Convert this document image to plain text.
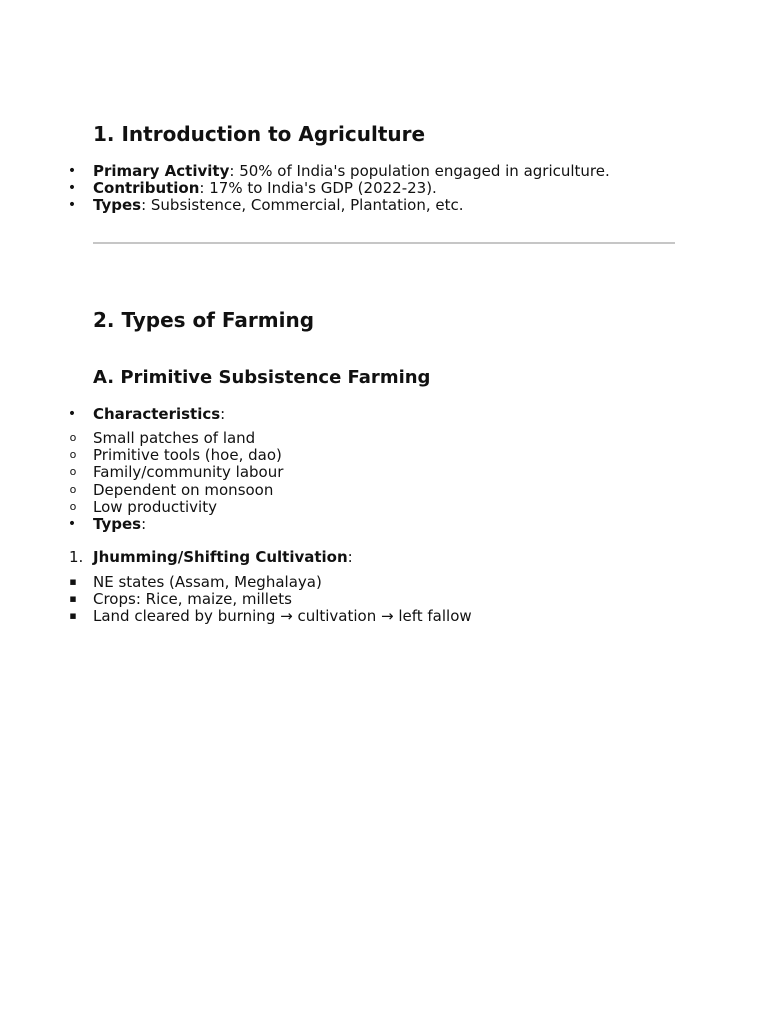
1. Introduction to Agriculture
• Primary Activity: 50% of India's population engaged in agriculture.
• Contribution: 17% to India's GDP (2022-23).
• Types: Subsistence, Commercial, Plantation, etc.
2. Types of Farming
A. Primitive Subsistence Farming
• Characteristics:
o Small patches of land
o Primitive tools (hoe, dao)
o Family/community labour
o Dependent on monsoon
o Low productivity
• Types:
1. Jhumming/Shifting Cultivation:
▪ NE states (Assam, Meghalaya)
▪ Crops: Rice, maize, millets
▪ Land cleared by burning → cultivation → left fallow
